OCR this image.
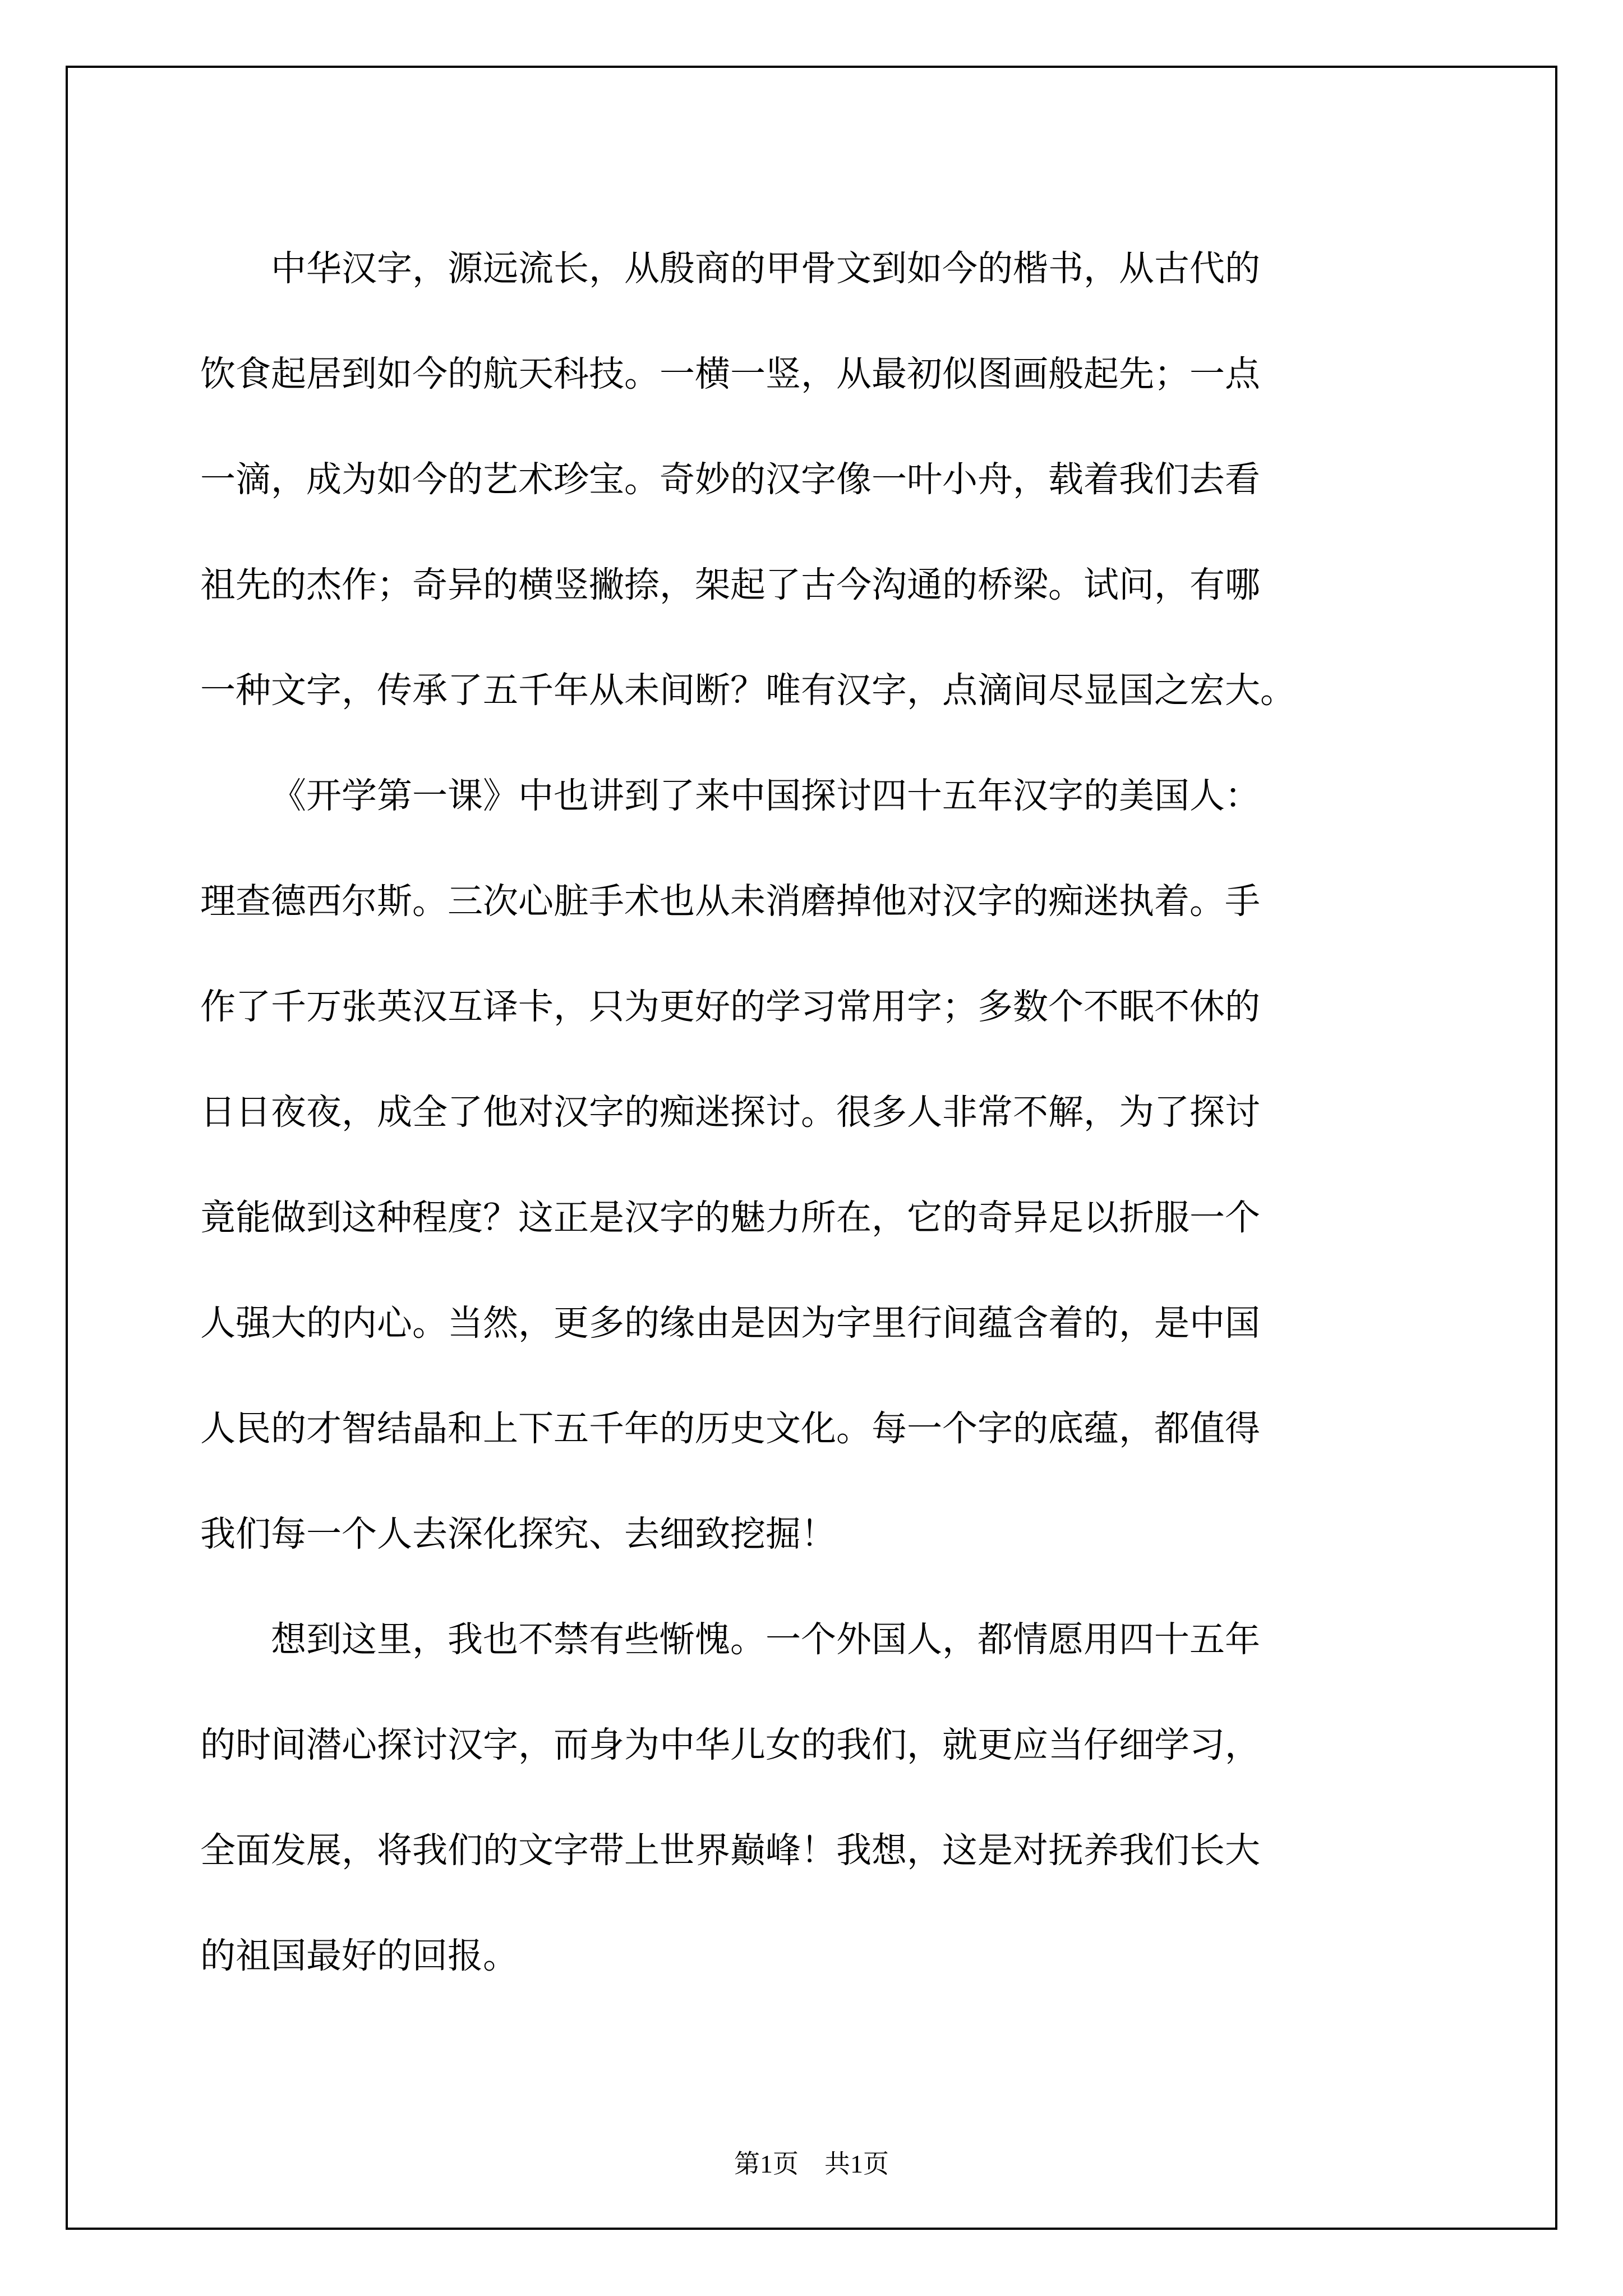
中华汉字，源远流长，从殷商的甲骨文到如今的楷书，从古代的
饮食起居到如今的航天科技。一横一竖，从最初似图画般起先；一点
一滴，成为如今的艺术珍宝。奇妙的汉字像一叶小舟，载着我们去看
祖先的杰作；奇异的横竖撇捺，架起了古今沟通的桥梁。试问，有哪
一种文字，传承了五千年从未间断？唯有汉字，点滴间尽显国之宏大。
《开学第一课》中也讲到了来中国探讨四十五年汉字的美国人：
理查德西尔斯。三次心脏手术也从未消磨掉他对汉字的痴迷执着。手
作了千万张英汉互译卡，只为更好的学习常用字；多数个不眠不休的
日日夜夜，成全了他对汉字的痴迷探讨。很多人非常不解，为了探讨
竟能做到这种程度？这正是汉字的魅力所在，它的奇异足以折服一个
人强大的内心。当然，更多的缘由是因为字里行间蕴含着的，是中国
人民的才智结晶和上下五千年的历史文化。每一个字的底蕴，都值得
我们每一个人去深化探究、去细致挖掘！
想到这里，我也不禁有些惭愧。一个外国人，都情愿用四十五年
的时间潜心探讨汉字，而身为中华儿女的我们，就更应当仔细学习，
全面发展，将我们的文字带上世界巅峰！我想，这是对抚养我们长大
的祖国最好的回报。
第1页 共1页
